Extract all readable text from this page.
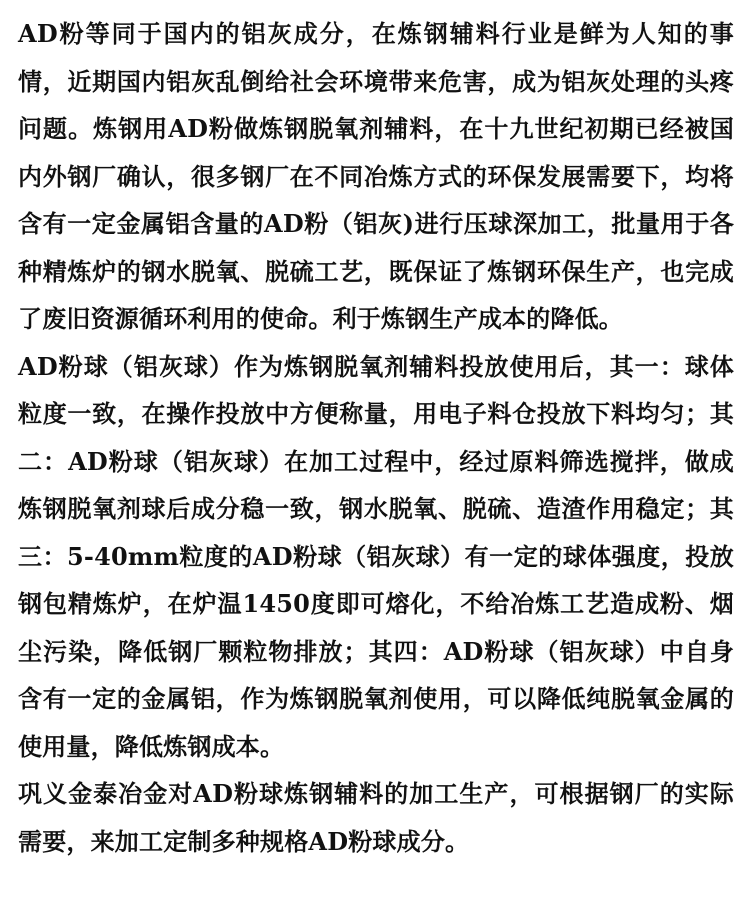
AD粉等同于国内的铝灰成分，在炼钢辅料行业是鲜为人知的事情，近期国内铝灰乱倒给社会环境带来危害，成为铝灰处理的头疼问题。炼钢用AD粉做炼钢脱氧剂辅料，在十九世纪初期已经被国内外钢厂确认，很多钢厂在不同冶炼方式的环保发展需要下，均将含有一定金属铝含量的AD粉（铝灰)进行压球深加工，批量用于各种精炼炉的钢水脱氧、脱硫工艺，既保证了炼钢环保生产，也完成了废旧资源循环利用的使命。利于炼钢生产成本的降低。

AD粉球（铝灰球）作为炼钢脱氧剂辅料投放使用后，其一：球体粒度一致，在操作投放中方便称量，用电子料仓投放下料均匀；其二：AD粉球（铝灰球）在加工过程中，经过原料筛选搅拌，做成炼钢脱氧剂球后成分稳一致，钢水脱氧、脱硫、造渣作用稳定；其三：5-40mm粒度的AD粉球（铝灰球）有一定的球体强度，投放钢包精炼炉，在炉温1450度即可熔化，不给冶炼工艺造成粉、烟尘污染，降低钢厂颗粒物排放；其四：AD粉球（铝灰球）中自身含有一定的金属铝，作为炼钢脱氧剂使用，可以降低纯脱氧金属的使用量，降低炼钢成本。

巩义金泰冶金对AD粉球炼钢辅料的加工生产，可根据钢厂的实际需要，来加工定制多种规格AD粉球成分。
